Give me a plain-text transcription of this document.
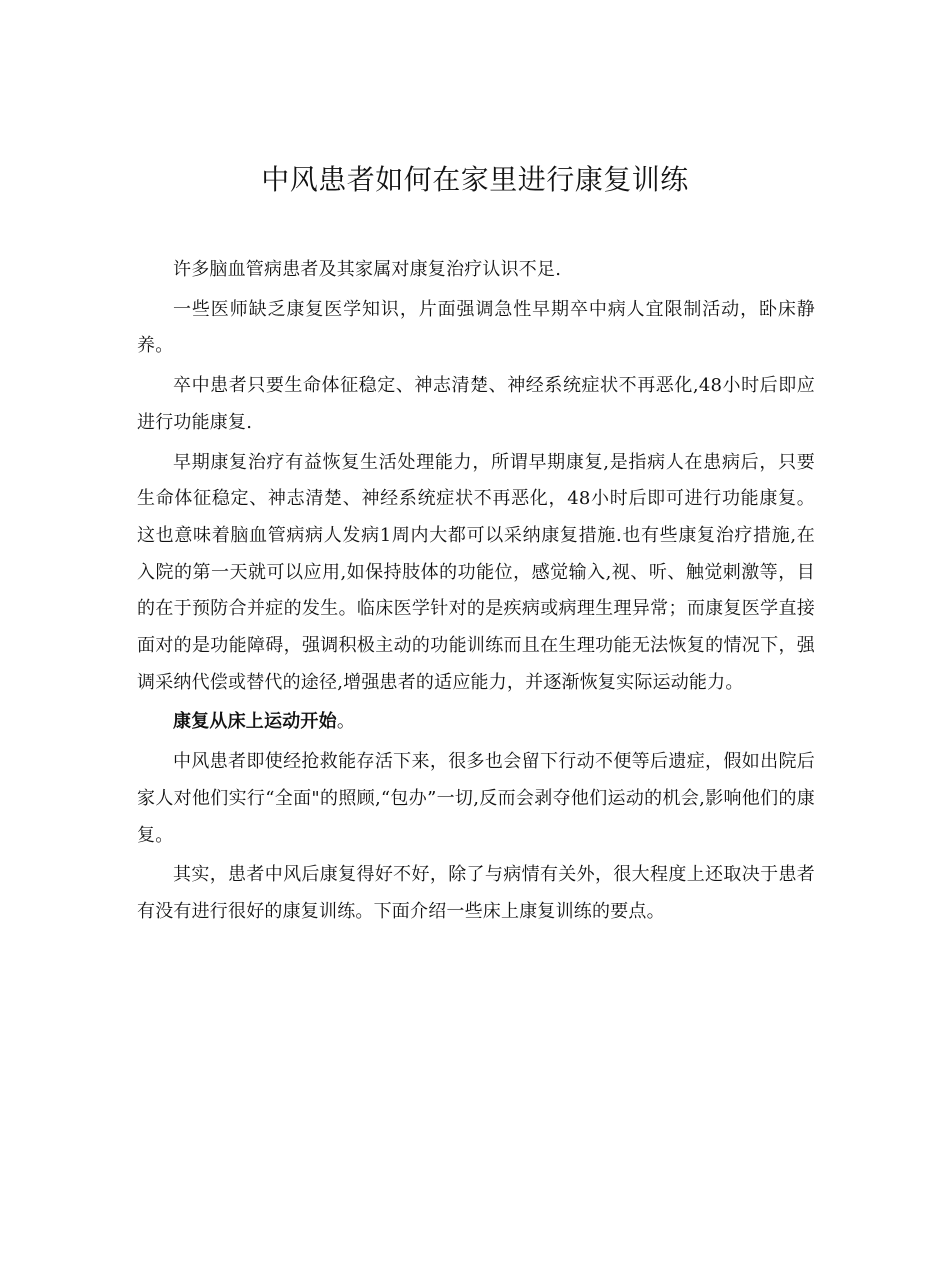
中风患者如何在家里进行康复训练

许多脑血管病患者及其家属对康复治疗认识不足.

一些医师缺乏康复医学知识，片面强调急性早期卒中病人宜限制活动，卧床静养。

卒中患者只要生命体征稳定、神志清楚、神经系统症状不再恶化,48小时后即应进行功能康复.

早期康复治疗有益恢复生活处理能力，所谓早期康复,是指病人在患病后，只要生命体征稳定、神志清楚、神经系统症状不再恶化，48小时后即可进行功能康复。这也意味着脑血管病病人发病1周内大都可以采纳康复措施.也有些康复治疗措施,在入院的第一天就可以应用,如保持肢体的功能位，感觉输入,视、听、触觉刺激等，目的在于预防合并症的发生。临床医学针对的是疾病或病理生理异常；而康复医学直接面对的是功能障碍，强调积极主动的功能训练而且在生理功能无法恢复的情况下，强调采纳代偿或替代的途径,增强患者的适应能力，并逐渐恢复实际运动能力。

康复从床上运动开始。

中风患者即使经抢救能存活下来，很多也会留下行动不便等后遗症，假如出院后家人对他们实行“全面"的照顾,“包办”一切,反而会剥夺他们运动的机会,影响他们的康复。

其实，患者中风后康复得好不好，除了与病情有关外，很大程度上还取决于患者有没有进行很好的康复训练。下面介绍一些床上康复训练的要点。
